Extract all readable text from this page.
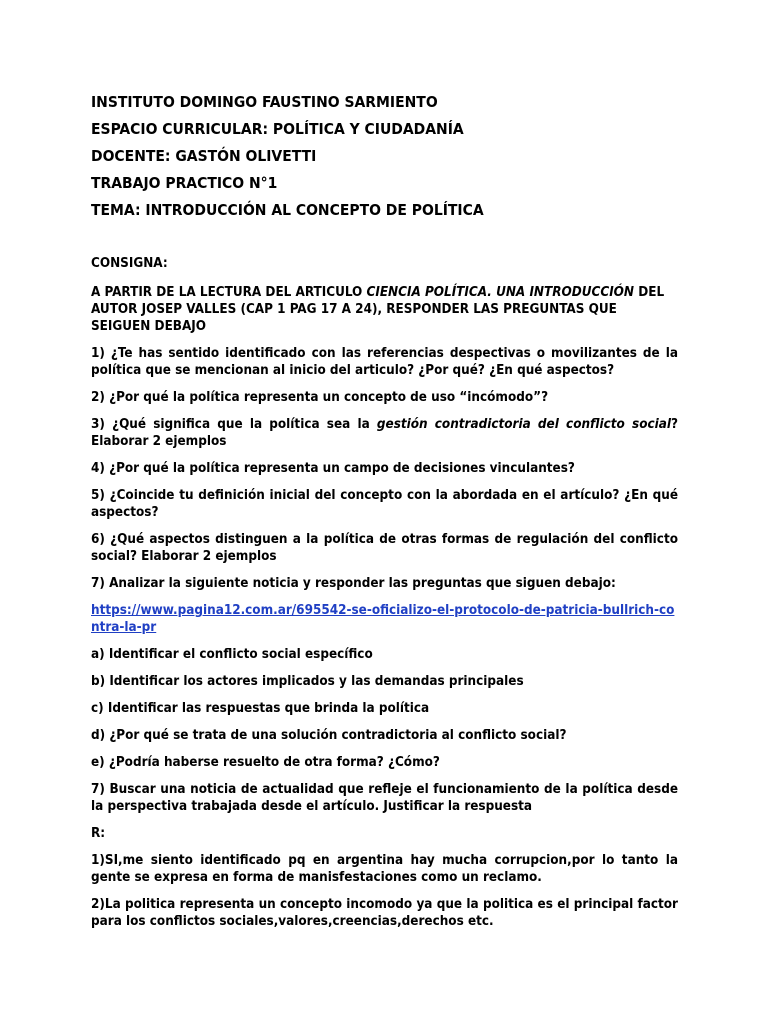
INSTITUTO DOMINGO FAUSTINO SARMIENTO
ESPACIO CURRICULAR: POLÍTICA Y CIUDADANÍA
DOCENTE: GASTÓN OLIVETTI
TRABAJO PRACTICO N°1
TEMA: INTRODUCCIÓN AL CONCEPTO DE POLÍTICA

CONSIGNA:

A PARTIR DE LA LECTURA DEL ARTICULO CIENCIA POLÍTICA. UNA INTRODUCCIÓN DEL AUTOR JOSEP VALLES (CAP 1 PAG 17 A 24), RESPONDER LAS PREGUNTAS QUE SEIGUEN DEBAJO

1) ¿Te has sentido identificado con las referencias despectivas o movilizantes de la política que se mencionan al inicio del articulo? ¿Por qué? ¿En qué aspectos?

2) ¿Por qué la política representa un concepto de uso “incómodo”?

3) ¿Qué significa que la política sea la gestión contradictoria del conflicto social? Elaborar 2 ejemplos

4) ¿Por qué la política representa un campo de decisiones vinculantes?

5) ¿Coincide tu definición inicial del concepto con la abordada en el artículo? ¿En qué aspectos?

6) ¿Qué aspectos distinguen a la política de otras formas de regulación del conflicto social? Elaborar 2 ejemplos

7) Analizar la siguiente noticia y responder las preguntas que siguen debajo:

https://www.pagina12.com.ar/695542-se-oficializo-el-protocolo-de-patricia-bullrich-contra-la-pr

a) Identificar el conflicto social específico

b) Identificar los actores implicados y las demandas principales

c) Identificar las respuestas que brinda la política

d) ¿Por qué se trata de una solución contradictoria al conflicto social?

e) ¿Podría haberse resuelto de otra forma? ¿Cómo?

7) Buscar una noticia de actualidad que refleje el funcionamiento de la política desde la perspectiva trabajada desde el artículo. Justificar la respuesta

R:

1)SI,me siento identificado pq en argentina hay mucha corrupcion,por lo tanto la gente se expresa en forma de manisfestaciones como un reclamo.

2)La politica representa un concepto incomodo ya que la politica es el principal factor para los conflictos sociales,valores,creencias,derechos etc.
